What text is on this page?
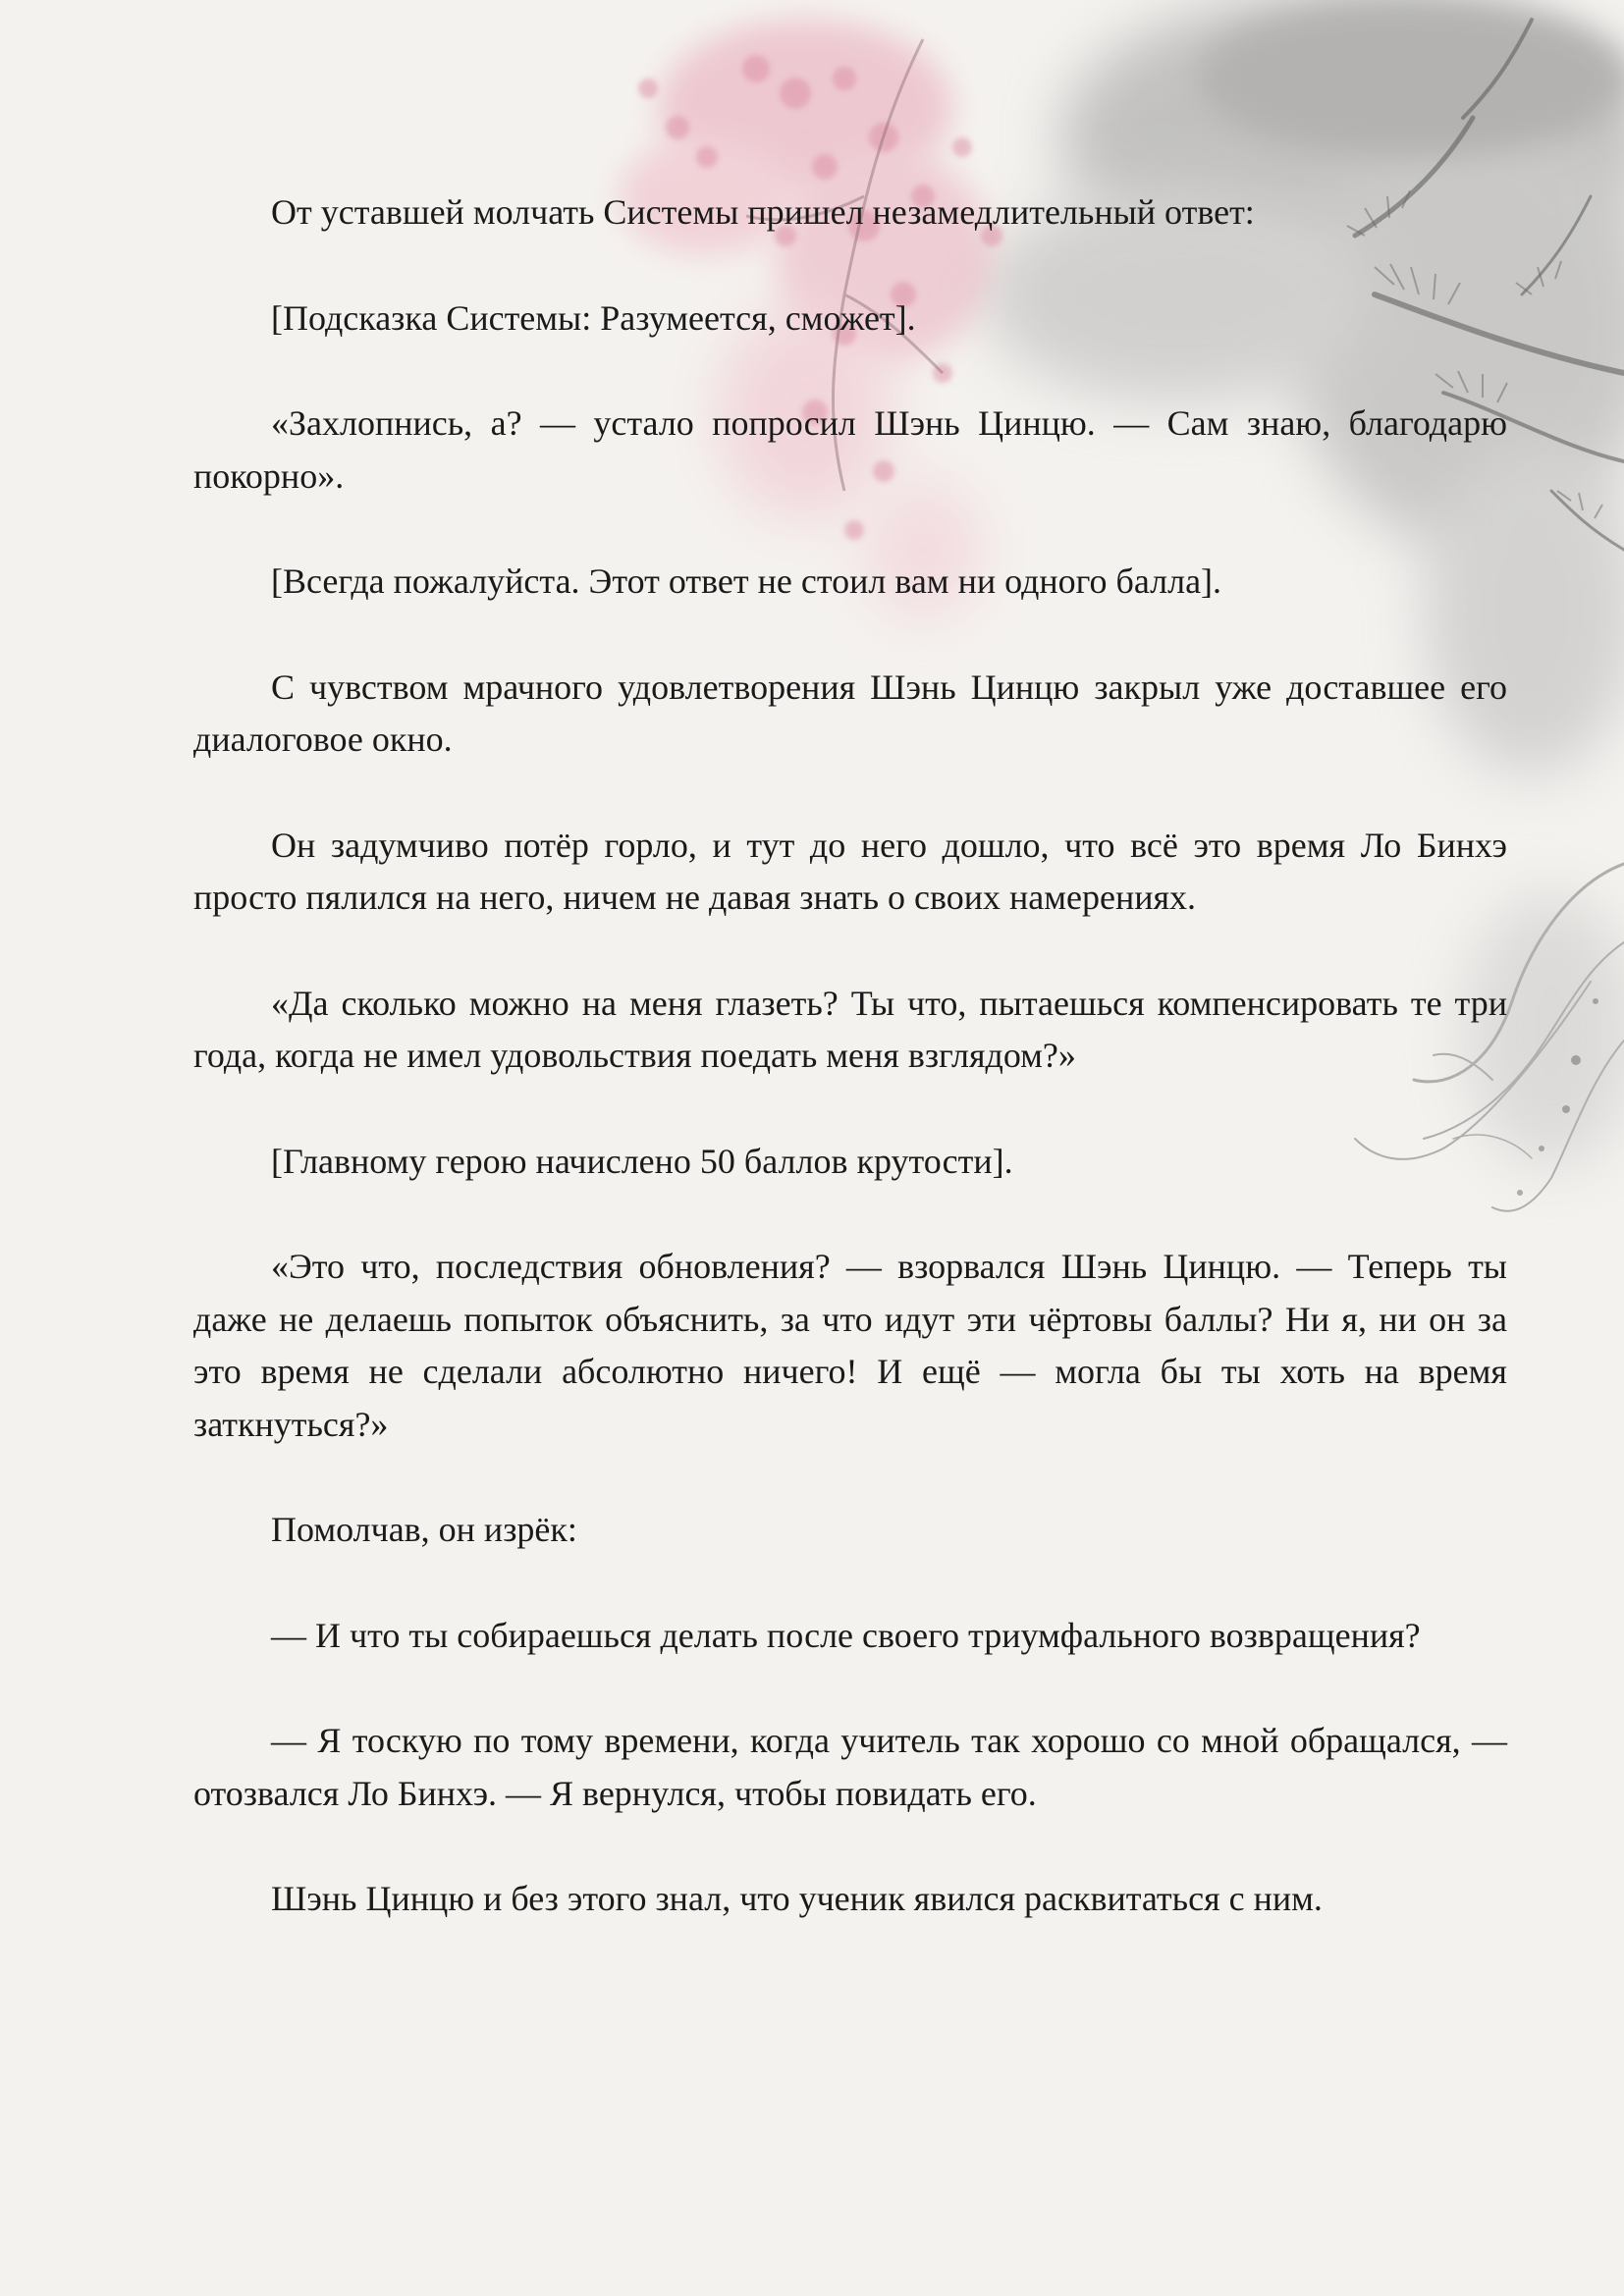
От уставшей молчать Системы пришел незамедлительный ответ:

[Подсказка Системы: Разумеется, сможет].

«Захлопнись, а? — устало попросил Шэнь Цинцю. — Сам знаю, благодарю покорно».

[Всегда пожалуйста. Этот ответ не стоил вам ни одного балла].

С чувством мрачного удовлетворения Шэнь Цинцю закрыл уже доставшее его диалоговое окно.

Он задумчиво потёр горло, и тут до него дошло, что всё это время Ло Бинхэ просто пялился на него, ничем не давая знать о своих намерениях.

«Да сколько можно на меня глазеть? Ты что, пытаешься компенсировать те три года, когда не имел удовольствия поедать меня взглядом?»

[Главному герою начислено 50 баллов крутости].

«Это что, последствия обновления? — взорвался Шэнь Цинцю. — Теперь ты даже не делаешь попыток объяснить, за что идут эти чёртовы баллы? Ни я, ни он за это время не сделали абсолютно ничего! И ещё — могла бы ты хоть на время заткнуться?»

Помолчав, он изрёк:

— И что ты собираешься делать после своего триумфального возвращения?

— Я тоскую по тому времени, когда учитель так хорошо со мной обращался, — отозвался Ло Бинхэ. — Я вернулся, чтобы повидать его.

Шэнь Цинцю и без этого знал, что ученик явился расквитаться с ним.
